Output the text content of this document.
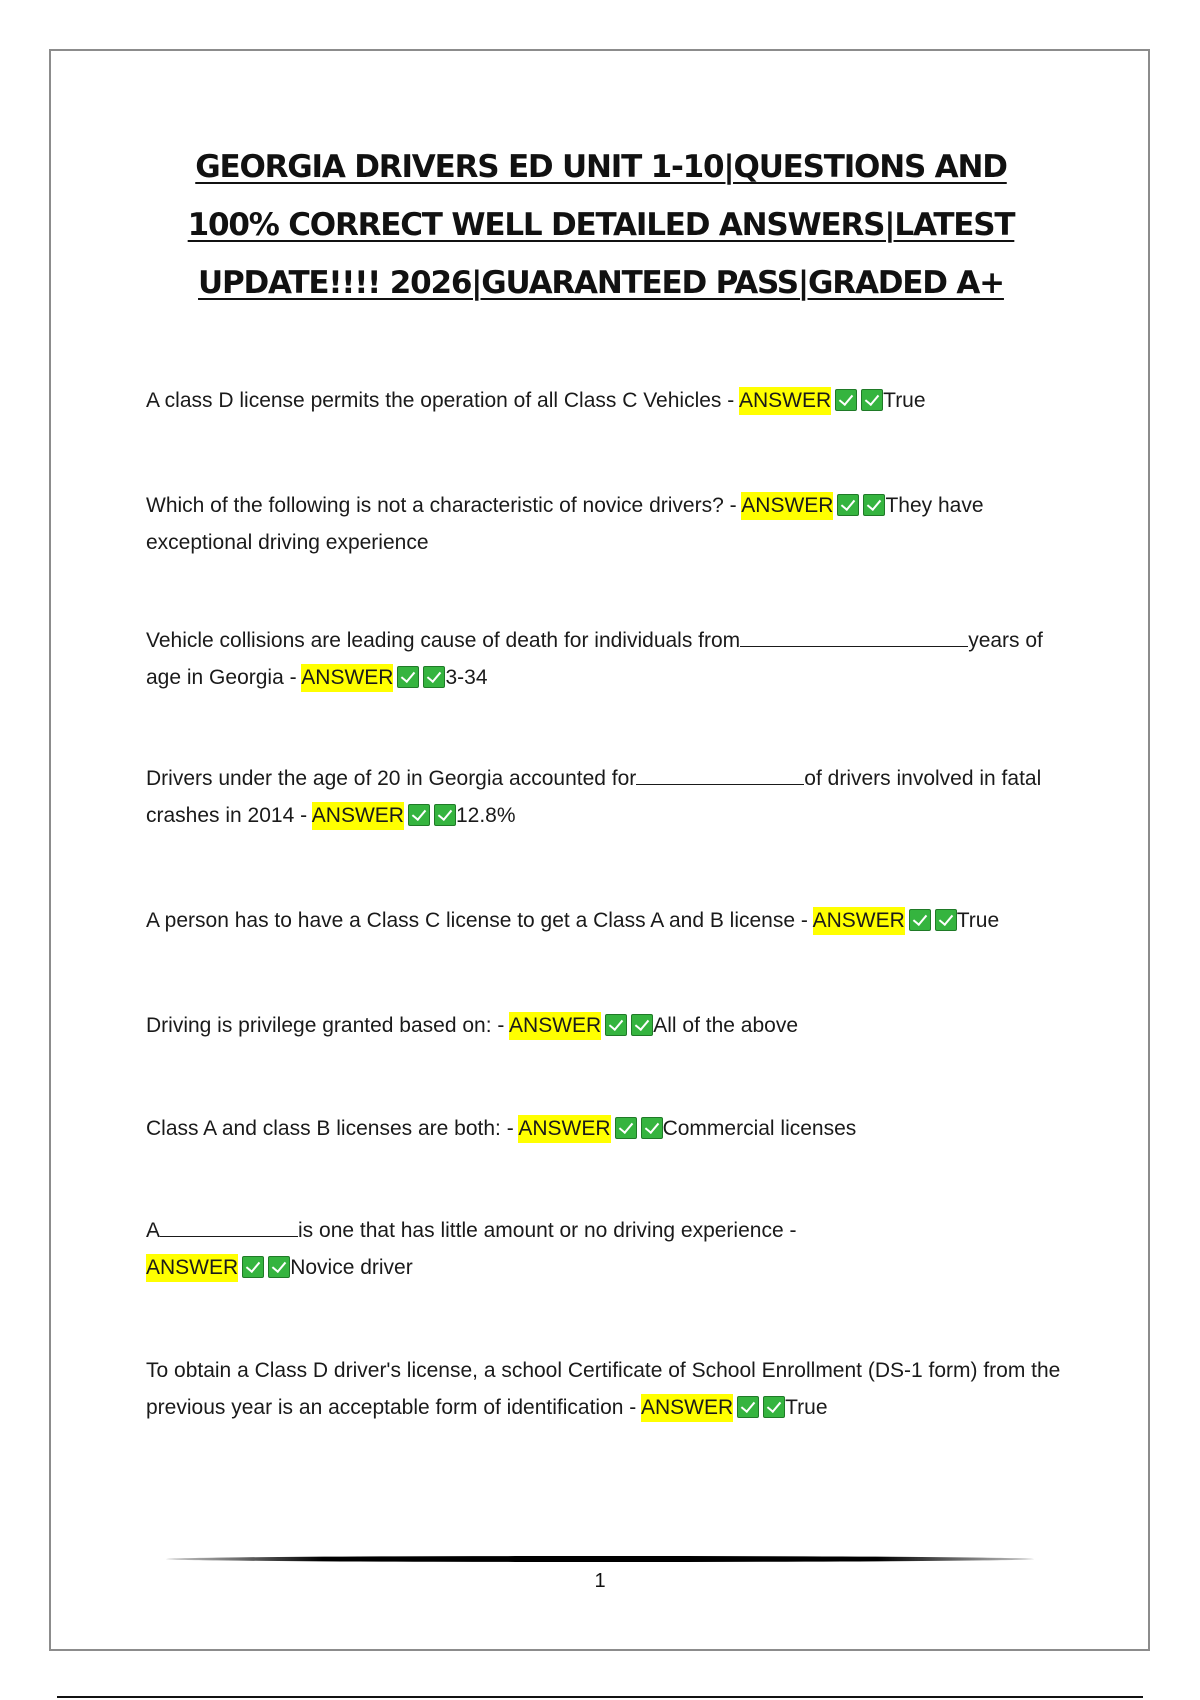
GEORGIA DRIVERS ED UNIT 1-10|QUESTIONS AND
100% CORRECT WELL DETAILED ANSWERS|LATEST
UPDATE!!!! 2026|GUARANTEED PASS|GRADED A+

A class D license permits the operation of all Class C Vehicles - ANSWER True

Which of the following is not a characteristic of novice drivers? - ANSWER They have exceptional driving experience

Vehicle collisions are leading cause of death for individuals from	years of age in Georgia - ANSWER 3-34

Drivers under the age of 20 in Georgia accounted for	of drivers involved in fatal crashes in 2014 - ANSWER 12.8%

A person has to have a Class C license to get a Class A and B license - ANSWER True

Driving is privilege granted based on: - ANSWER All of the above

Class A and class B licenses are both: - ANSWER Commercial licenses

A	is one that has little amount or no driving experience -
ANSWER Novice driver

To obtain a Class D driver's license, a school Certificate of School Enrollment (DS-1 form) from the previous year is an acceptable form of identification - ANSWER True

1
